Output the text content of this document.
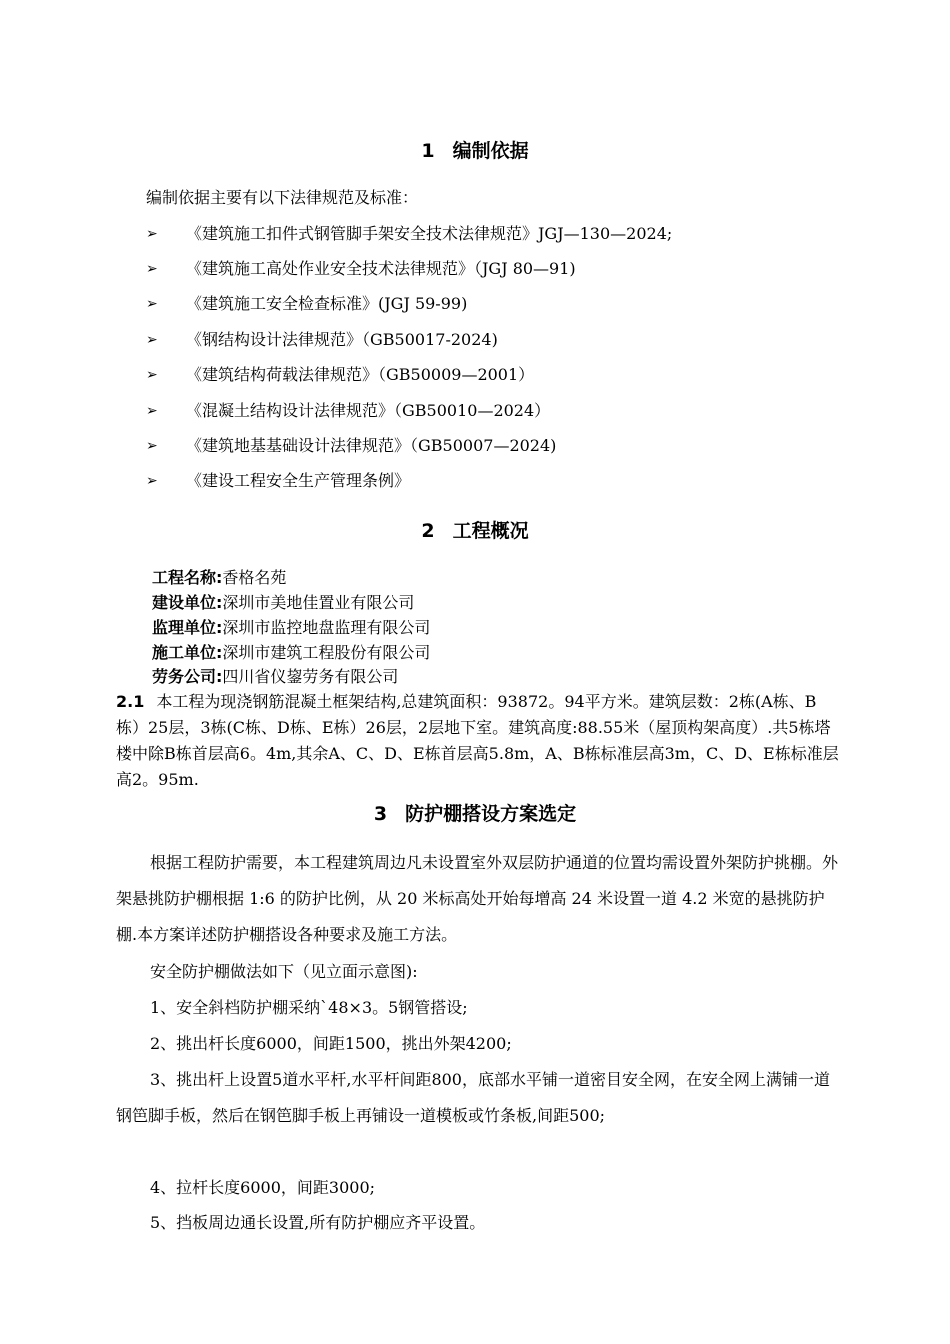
1 编制依据
编制依据主要有以下法律规范及标准：
➢ 《建筑施工扣件式钢管脚手架安全技术法律规范》JGJ—130—2024;
➢ 《建筑施工高处作业安全技术法律规范》（JGJ 80—91)
➢ 《建筑施工安全检查标准》(JGJ 59-99)
➢ 《钢结构设计法律规范》（GB50017-2024)
➢ 《建筑结构荷载法律规范》（GB50009—2001）
➢ 《混凝土结构设计法律规范》（GB50010—2024）
➢ 《建筑地基基础设计法律规范》（GB50007—2024)
➢ 《建设工程安全生产管理条例》
2 工程概况
工程名称:香格名苑
建设单位:深圳市美地佳置业有限公司
监理单位:深圳市监控地盘监理有限公司
施工单位:深圳市建筑工程股份有限公司
劳务公司:四川省仪鋆劳务有限公司
2.1 本工程为现浇钢筋混凝土框架结构,总建筑面积：93872。94平方米。建筑层数：2栋(A栋、B栋）25层，3栋(C栋、D栋、E栋）26层，2层地下室。建筑高度:88.55米（屋顶构架高度）.共5栋塔楼中除B栋首层高6。4m,其余A、C、D、E栋首层高5.8m，A、B栋标准层高3m，C、D、E栋标准层高2。95m.
3 防护棚搭设方案选定
根据工程防护需要，本工程建筑周边凡未设置室外双层防护通道的位置均需设置外架防护挑棚。外架悬挑防护棚根据 1:6 的防护比例，从 20 米标高处开始每增高 24 米设置一道 4.2 米宽的悬挑防护棚.本方案详述防护棚搭设各种要求及施工方法。
安全防护棚做法如下（见立面示意图):
1、安全斜档防护棚采纳`48×3。5钢管搭设;
2、挑出杆长度6000，间距1500，挑出外架4200;
3、挑出杆上设置5道水平杆,水平杆间距800，底部水平铺一道密目安全网，在安全网上满铺一道钢笆脚手板，然后在钢笆脚手板上再铺设一道模板或竹条板,间距500;
4、拉杆长度6000，间距3000;
5、挡板周边通长设置,所有防护棚应齐平设置。
